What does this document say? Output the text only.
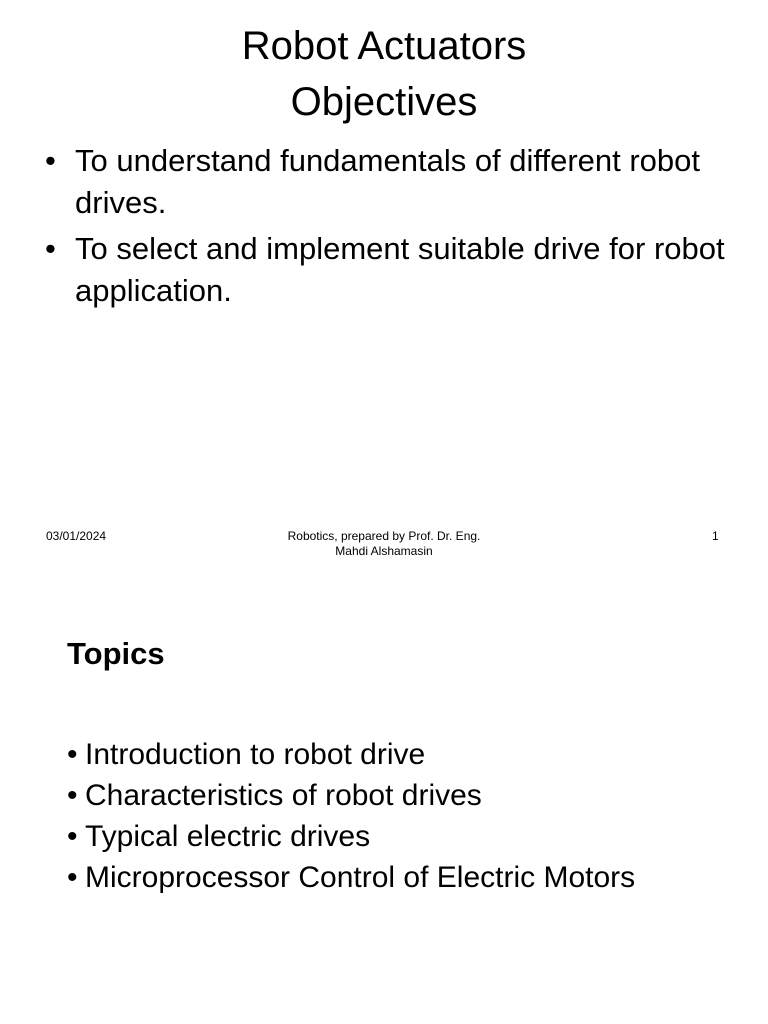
Robot Actuators
Objectives
• To understand fundamentals of different robot drives.
• To select and implement suitable drive for robot application.
03/01/2024	Robotics, prepared by Prof. Dr. Eng.
Mahdi Alshamasin
1
Topics
• Introduction to robot drive
• Characteristics of robot drives
• Typical electric drives
• Microprocessor Control of Electric Motors
